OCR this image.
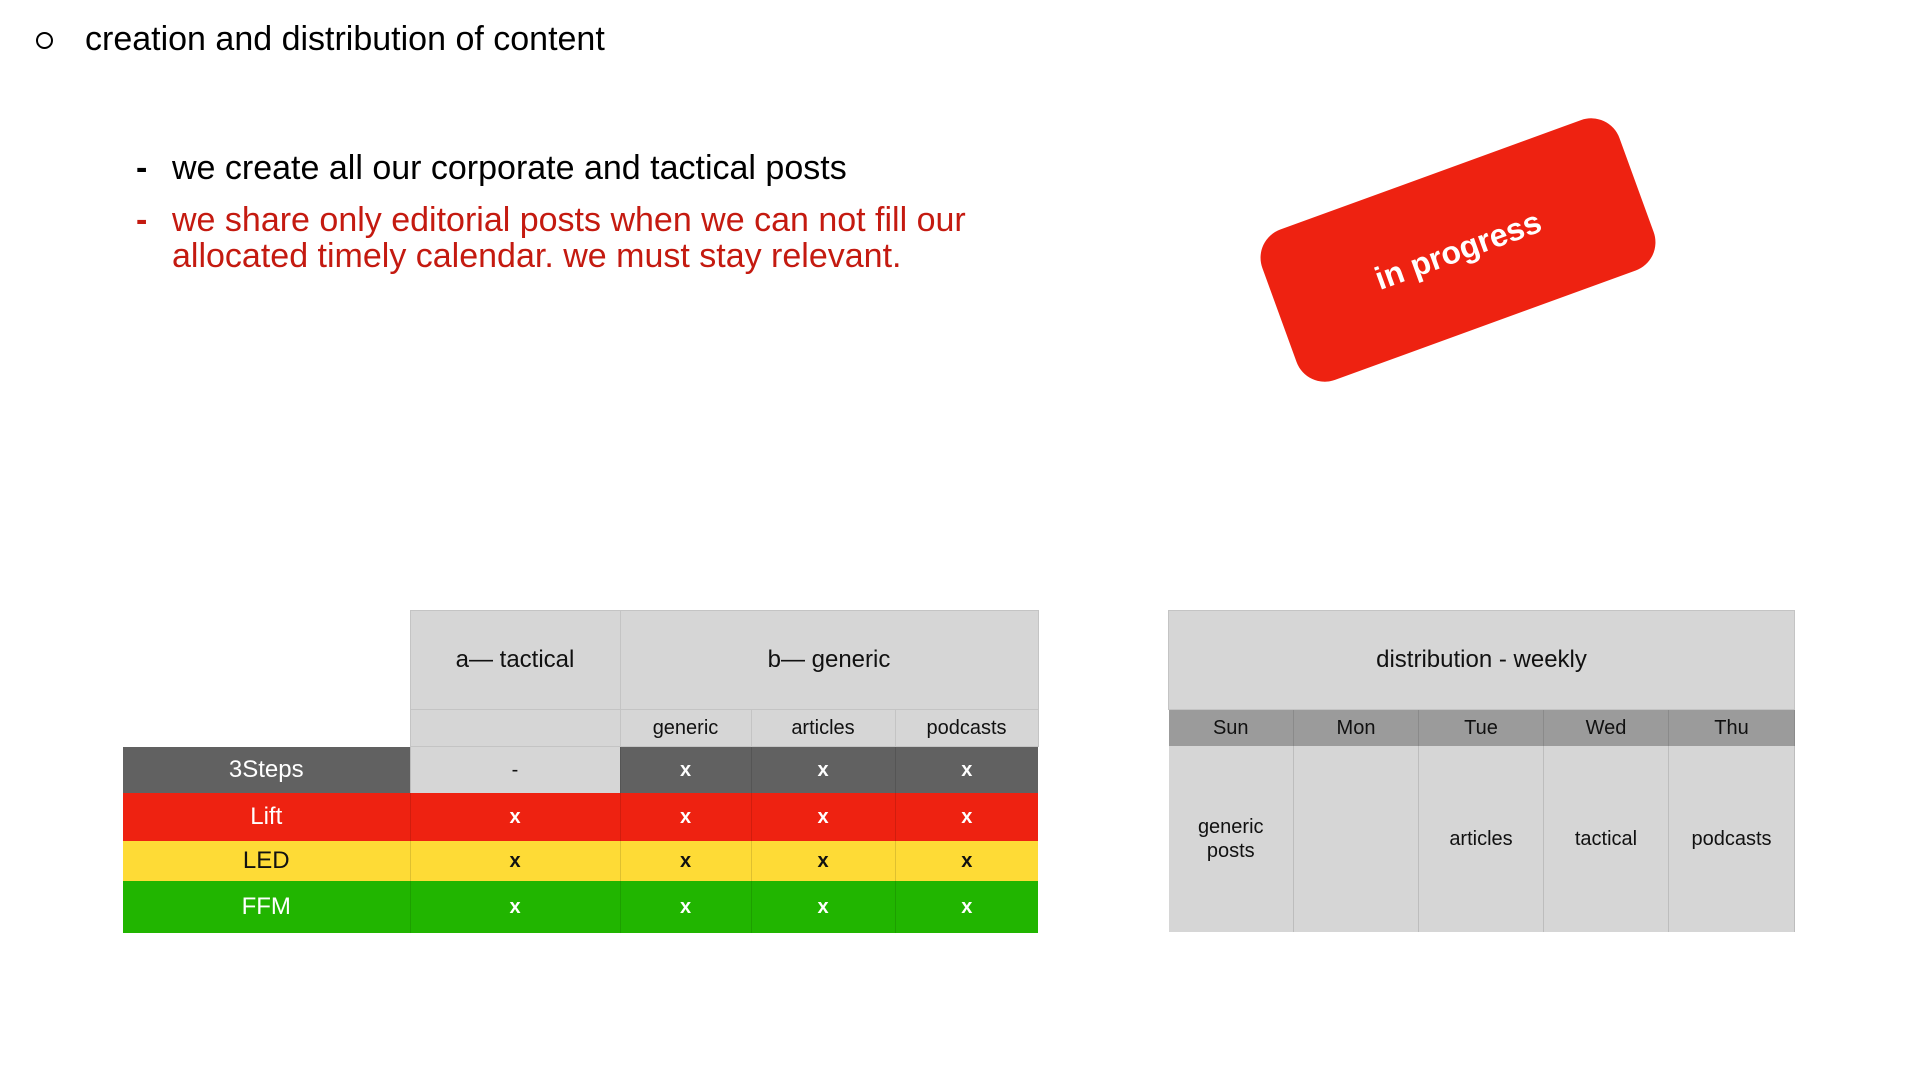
creation and distribution of content
- we create all our corporate and tactical posts
- we share only editorial posts when we can not fill our allocated timely calendar. we must stay relevant.	in progress
	a— tactical	b— generic		
		generic	articles	podcasts
3Steps	-	x	x	x
Lift	x	x	x	x
LED	x	x	x	x
FFM	x	x	x	x
distribution - weekly				
Sun	Mon	Tue	Wed	Thu
generic posts		articles	tactical	podcasts
